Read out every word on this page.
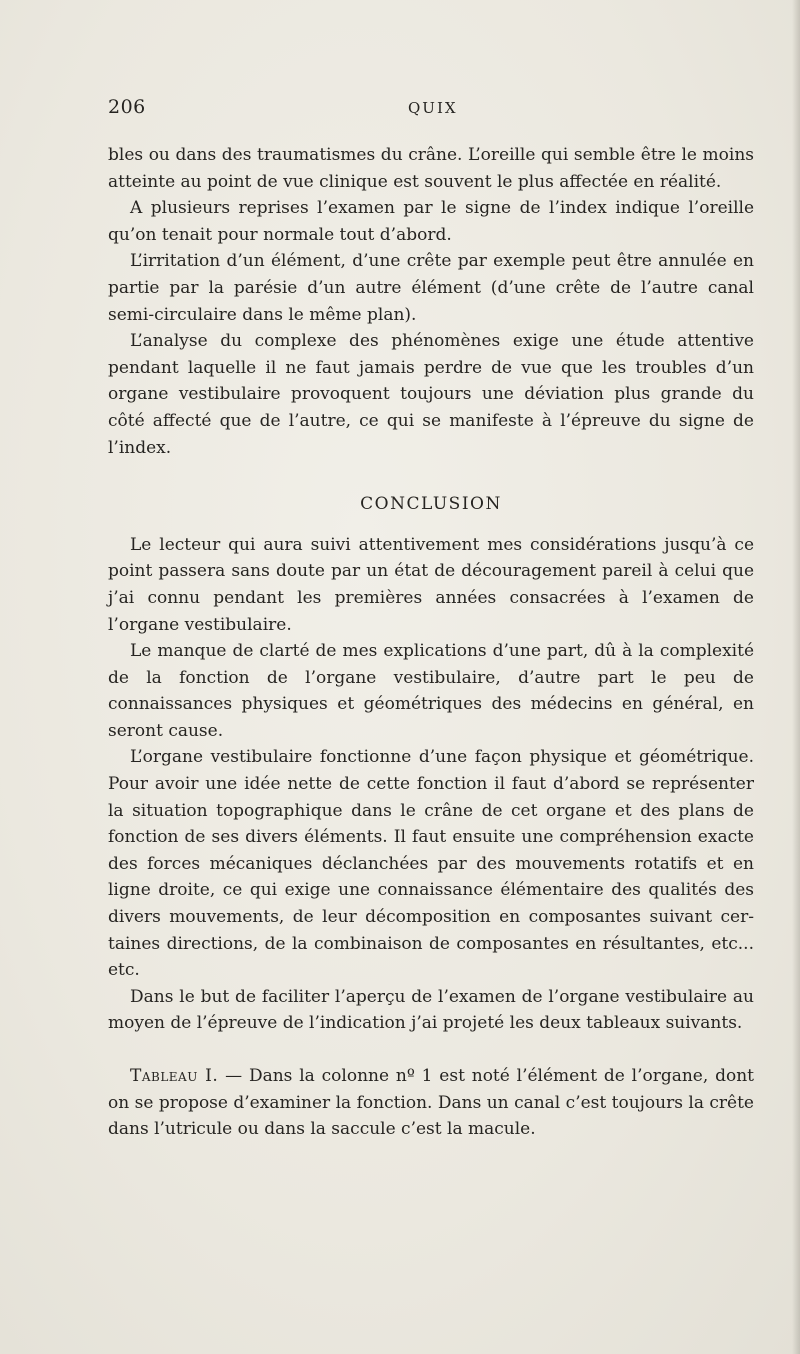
206	QUIX

bles ou dans des traumatismes du crâne. L’oreille qui semble être le moins atteinte au point de vue clinique est souvent le plus affectée en réalité.

A plusieurs reprises l’examen par le signe de l’index indique l’oreille qu’on tenait pour normale tout d’abord.

L’irritation d’un élément, d’une crête par exemple peut être annulée en partie par la parésie d’un autre élément (d’une crête de l’autre canal semi-circulaire dans le même plan).

L’analyse du complexe des phénomènes exige une étude attentive pendant laquelle il ne faut jamais perdre de vue que les troubles d’un organe vestibulaire provoquent toujours une déviation plus grande du côté affecté que de l’autre, ce qui se manifeste à l’épreuve du signe de l’index.

CONCLUSION

Le lecteur qui aura suivi attentivement mes considérations jusqu’à ce point passera sans doute par un état de découragement pareil à celui que j’ai connu pendant les premières années consacrées à l’examen de l’organe vestibulaire.

Le manque de clarté de mes explications d’une part, dû à la complexité de la fonction de l’organe vestibulaire, d’autre part le peu de connaissances physiques et géométriques des médecins en général, en seront cause.

L’organe vestibulaire fonctionne d’une façon physique et géométrique. Pour avoir une idée nette de cette fonction il faut d’abord se représenter la situation topographique dans le crâne de cet organe et des plans de fonction de ses divers éléments. Il faut ensuite une compréhension exacte des forces mécaniques déclanchées par des mouvements rotatifs et en ligne droite, ce qui exige une connaissance élémentaire des qualités des divers mouvements, de leur décomposition en composantes suivant certaines directions, de la combinaison de composantes en résultantes, etc... etc.

Dans le but de faciliter l’aperçu de l’examen de l’organe vestibulaire au moyen de l’épreuve de l’indication j’ai projeté les deux tableaux suivants.

Tableau I. — Dans la colonne nº 1 est noté l’élément de l’organe, dont on se propose d’examiner la fonction. Dans un canal c’est toujours la crête dans l’utricule ou dans la saccule c’est la macule.
